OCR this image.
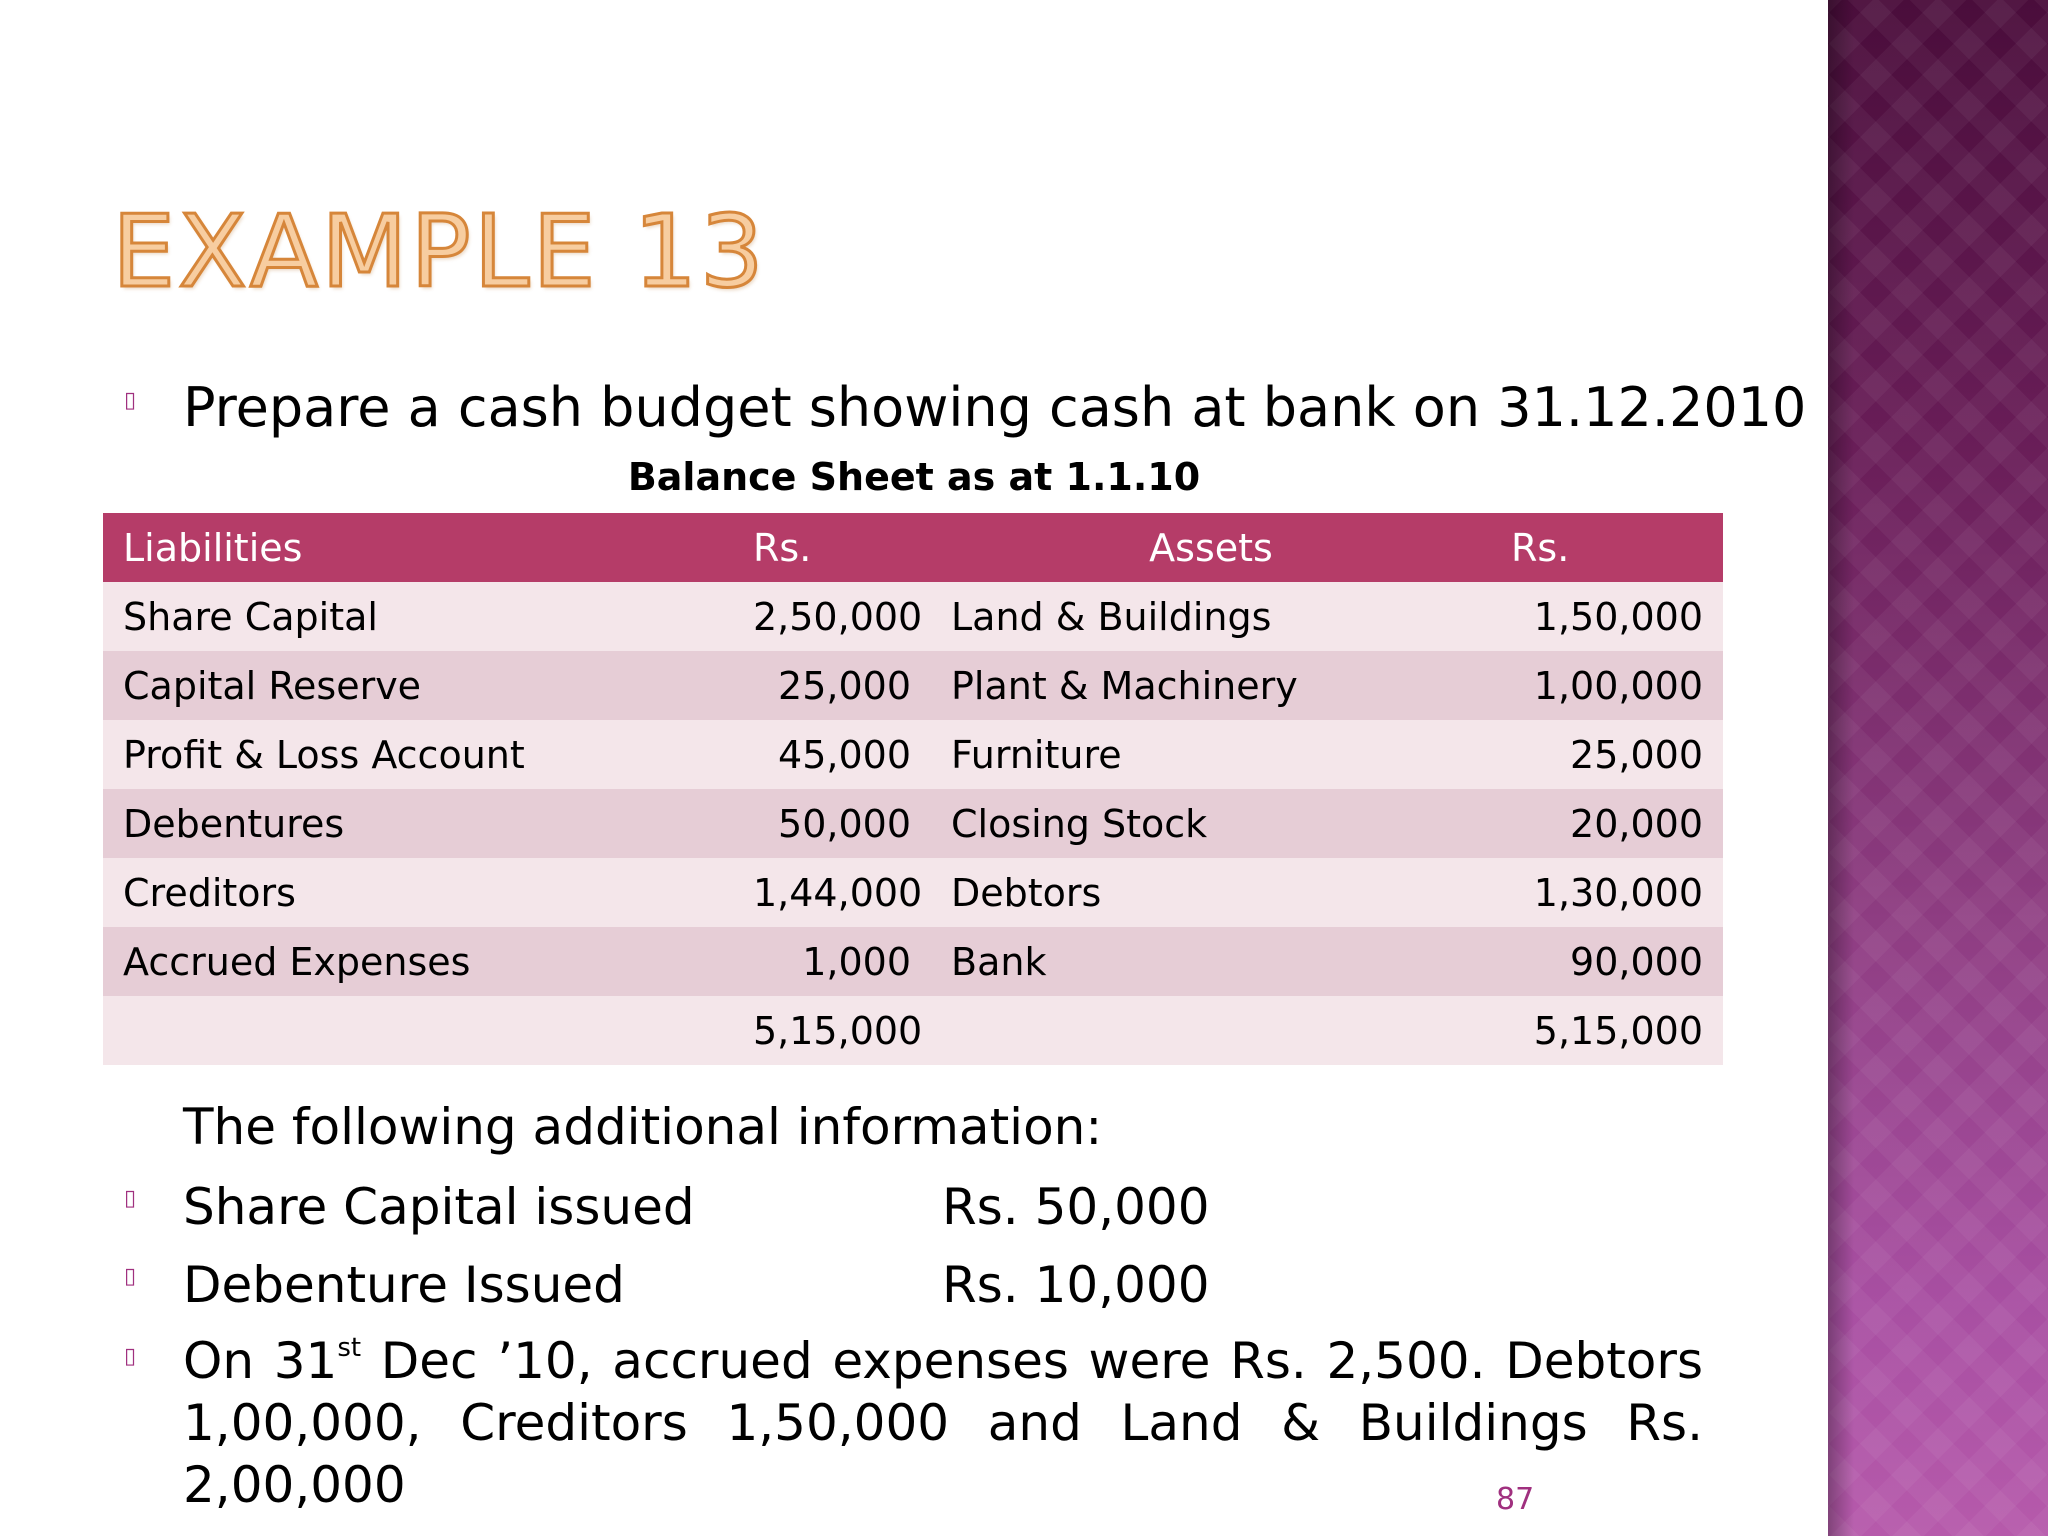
EXAMPLE 13
▯ Prepare a cash budget showing cash at bank on 31.12.2010
Balance Sheet as at 1.1.10
Liabilities	Rs.	Assets	Rs.
Share Capital	2,50,000	Land & Buildings	1,50,000
Capital Reserve	25,000	Plant & Machinery	1,00,000
Profit & Loss Account	45,000	Furniture	25,000
Debentures	50,000	Closing Stock	20,000
Creditors	1,44,000	Debtors	1,30,000
Accrued Expenses	1,000	Bank	90,000
	5,15,000		5,15,000
The following additional information:
▯ Share Capital issued	Rs. 50,000
▯ Debenture Issued	Rs. 10,000
▯ On 31st Dec ’10, accrued expenses were Rs. 2,500. Debtors 1,00,000, Creditors 1,50,000 and Land & Buildings Rs. 2,00,000	87
